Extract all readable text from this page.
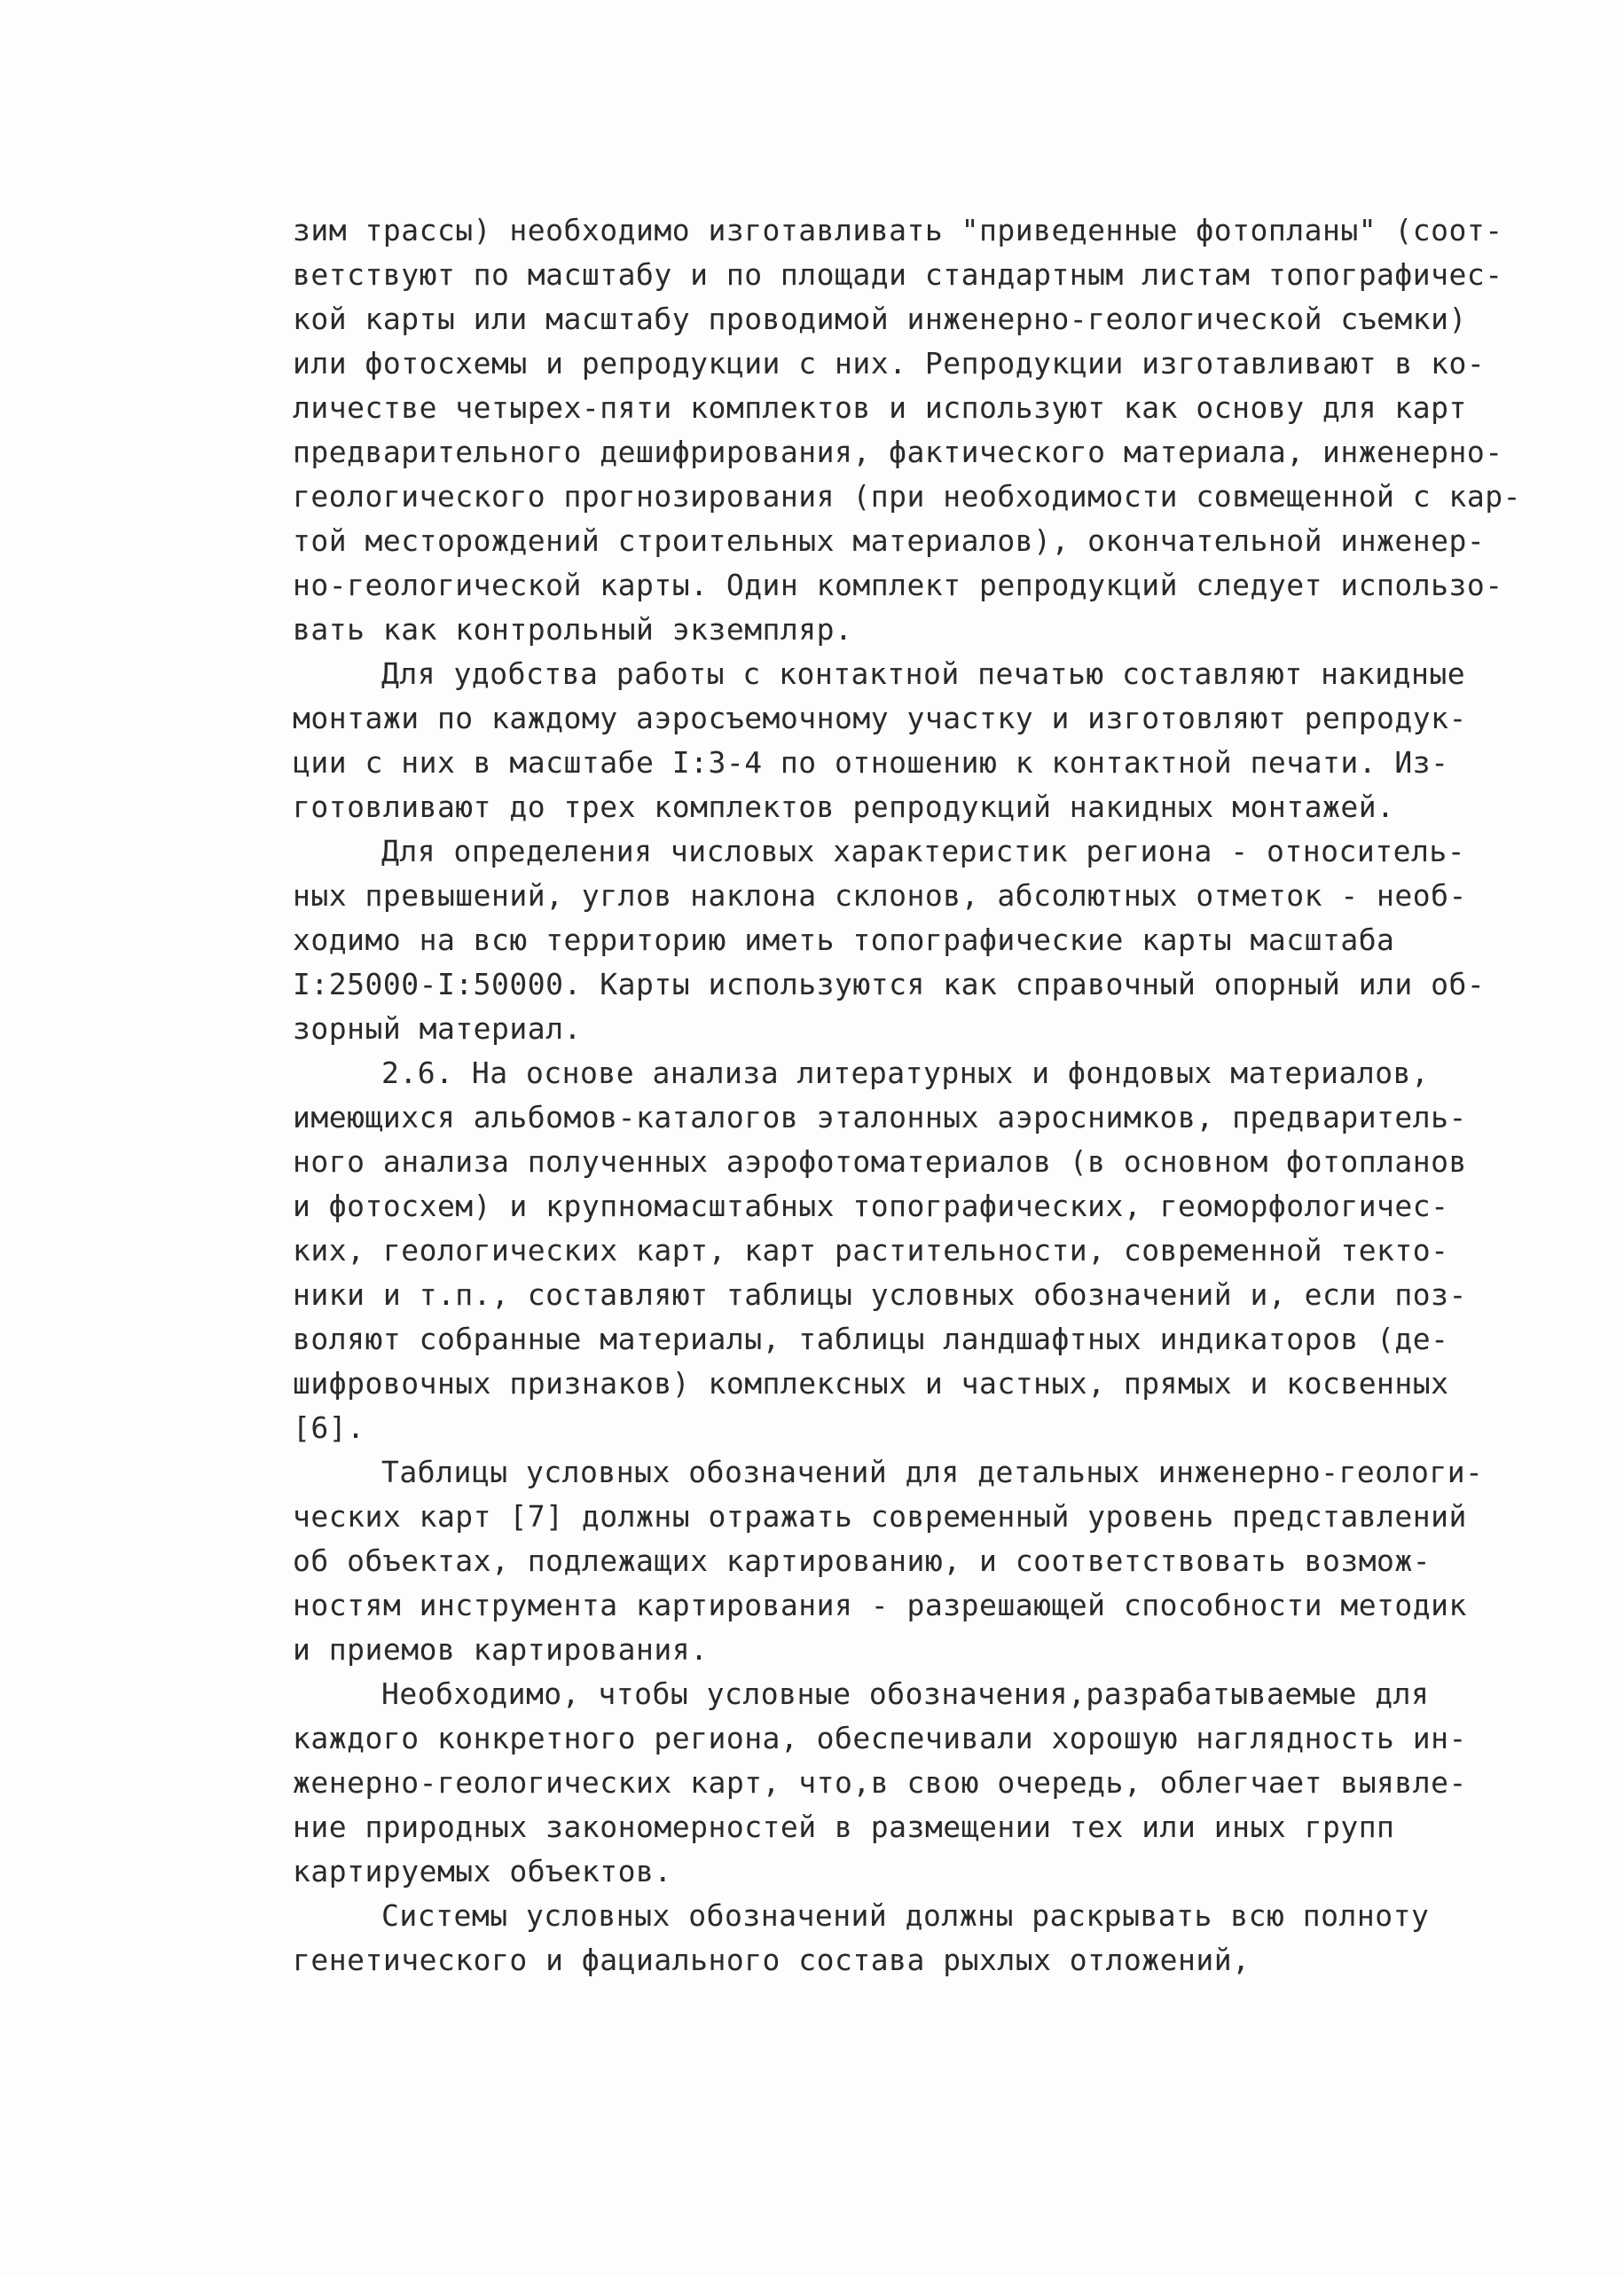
зим трассы) необходимо изготавливать "приведенные фотопланы" (соот-
ветствуют по масштабу и по площади стандартным листам топографичес-
кой карты или масштабу проводимой инженерно-геологической съемки)
или фотосхемы и репродукции с них. Репродукции изготавливают в ко-
личестве четырех-пяти комплектов и используют как основу для карт
предварительного дешифрирования, фактического материала, инженерно-
геологического прогнозирования (при необходимости совмещенной с кар-
той месторождений строительных материалов), окончательной инженер-
но-геологической карты. Один комплект репродукций следует использо-
вать как контрольный экземпляр.
Для удобства работы с контактной печатью составляют накидные
монтажи по каждому аэросъемочному участку и изготовляют репродук-
ции с них в масштабе I:3-4 по отношению к контактной печати. Из-
готовливают до трех комплектов репродукций накидных монтажей.
Для определения числовых характеристик региона - относитель-
ных превышений, углов наклона склонов, абсолютных отметок - необ-
ходимо на всю территорию иметь топографические карты масштаба
I:25000-I:50000. Карты используются как справочный опорный или об-
зорный материал.
2.6. На основе анализа литературных и фондовых материалов,
имеющихся альбомов-каталогов эталонных аэроснимков, предваритель-
ного анализа полученных аэрофотоматериалов (в основном фотопланов
и фотосхем) и крупномасштабных топографических, геоморфологичес-
ких, геологических карт, карт растительности, современной текто-
ники и т.п., составляют таблицы условных обозначений и, если поз-
воляют собранные материалы, таблицы ландшафтных индикаторов (де-
шифровочных признаков) комплексных и частных, прямых и косвенных
[6].
Таблицы условных обозначений для детальных инженерно-геологи-
ческих карт [7] должны отражать современный уровень представлений
об объектах, подлежащих картированию, и соответствовать возмож-
ностям инструмента картирования - разрешающей способности методик
и приемов картирования.
Необходимо, чтобы условные обозначения,разрабатываемые для
каждого конкретного региона, обеспечивали хорошую наглядность ин-
женерно-геологических карт, что,в свою очередь, облегчает выявле-
ние природных закономерностей в размещении тех или иных групп
картируемых объектов.
Системы условных обозначений должны раскрывать всю полноту
генетического и фациального состава рыхлых отложений,
